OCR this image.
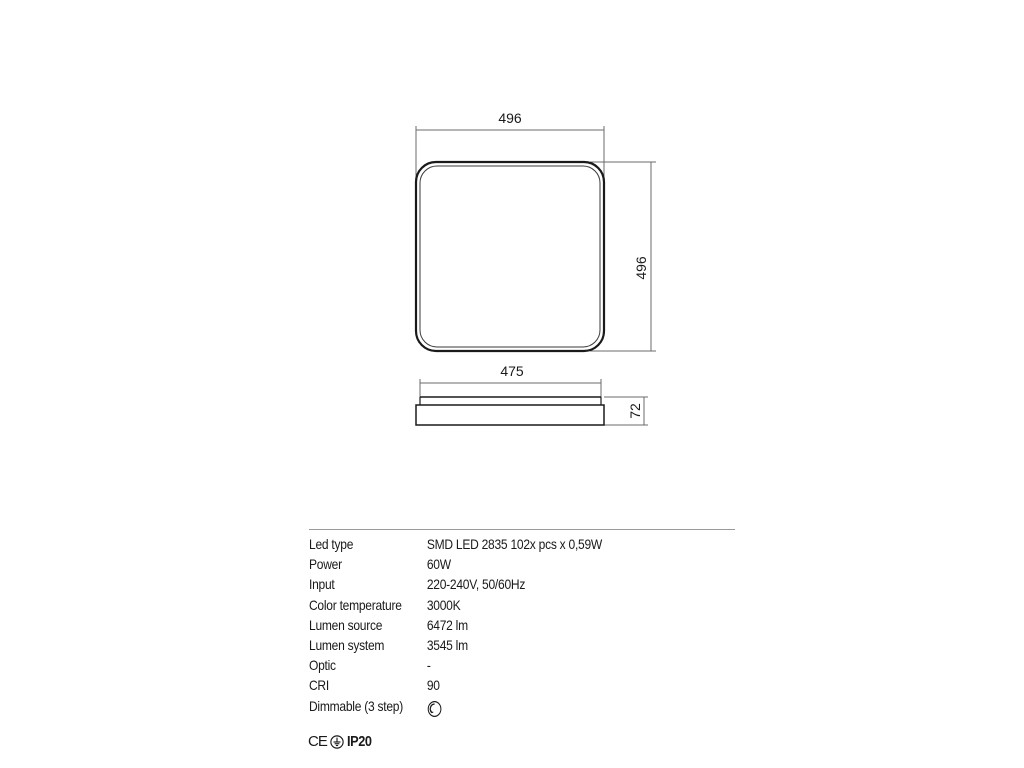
496
496
475
72
Led type	SMD LED 2835 102x pcs x 0,59W
Power	60W
Input	220-240V, 50/60Hz
Color temperature	3000K
Lumen source	6472 lm
Lumen system	3545 lm
Optic	-
CRI	90
Dimmable (3 step)
CE IP20
